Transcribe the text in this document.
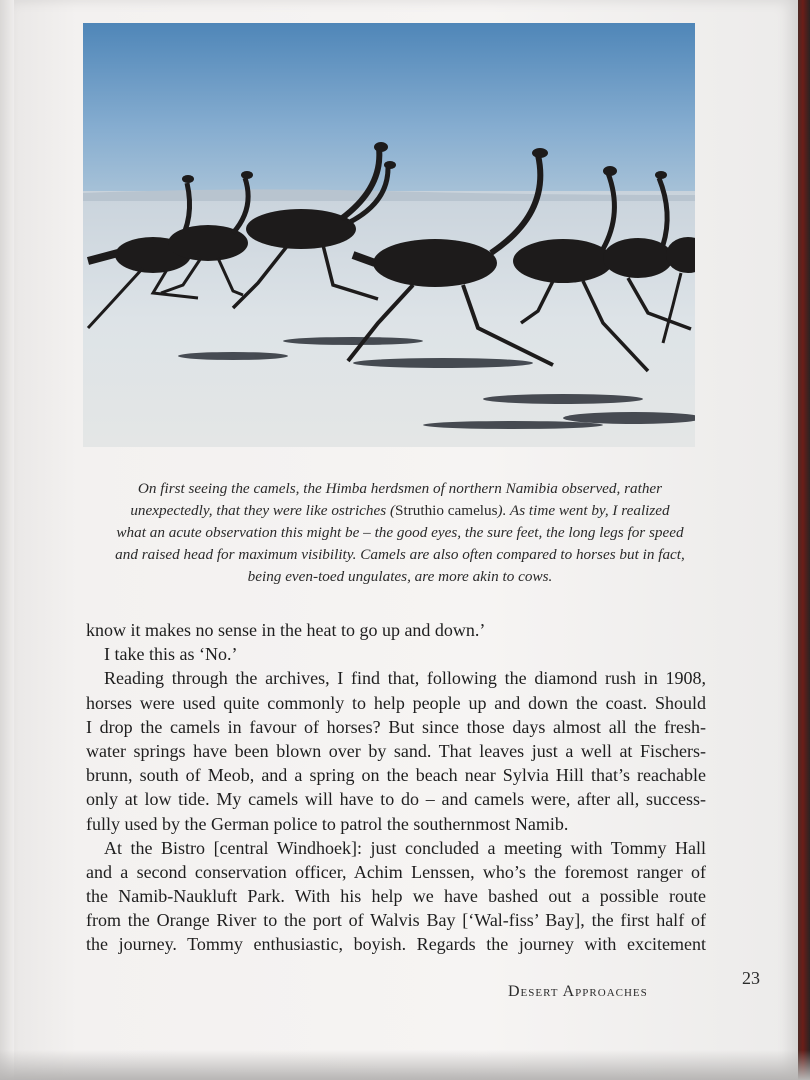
On first seeing the camels, the Himba herdsmen of northern Namibia observed, rather
unexpectedly, that they were like ostriches (Struthio camelus). As time went by, I realized
what an acute observation this might be – the good eyes, the sure feet, the long legs for speed
and raised head for maximum visibility. Camels are also often compared to horses but in fact,
being even-toed ungulates, are more akin to cows.
know it makes no sense in the heat to go up and down.’
I take this as ‘No.’
Reading through the archives, I find that, following the diamond rush in 1908,
horses were used quite commonly to help people up and down the coast. Should
I drop the camels in favour of horses? But since those days almost all the fresh-
water springs have been blown over by sand. That leaves just a well at Fischers-
brunn, south of Meob, and a spring on the beach near Sylvia Hill that’s reachable
only at low tide. My camels will have to do – and camels were, after all, success-
fully used by the German police to patrol the southernmost Namib.
At the Bistro [central Windhoek]: just concluded a meeting with Tommy Hall
and a second conservation officer, Achim Lenssen, who’s the foremost ranger of
the Namib-Naukluft Park. With his help we have bashed out a possible route
from the Orange River to the port of Walvis Bay [‘Wal-fiss’ Bay], the first half of
the journey. Tommy enthusiastic, boyish. Regards the journey with excitement
Desert Approaches
23
